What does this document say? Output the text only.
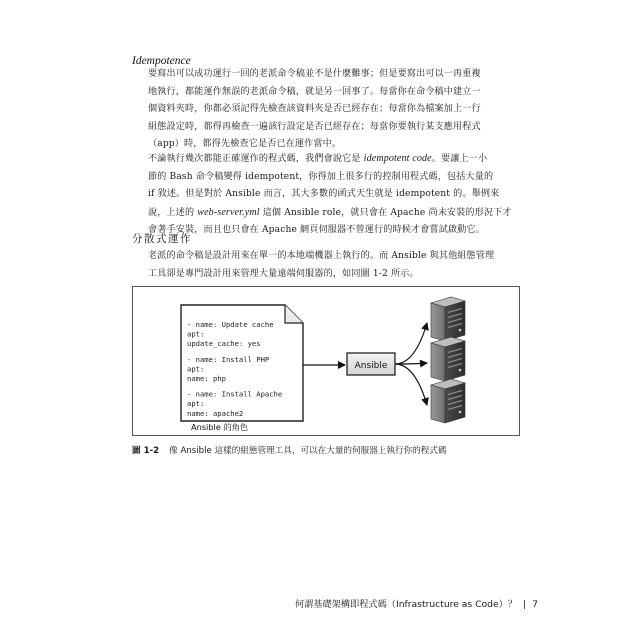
Idempotence
要寫出可以成功運行一回的老派命令稿並不是什麼難事；但是要寫出可以一再重複
地執行，都能運作無誤的老派命令稿，就是另一回事了。每當你在命令稿中建立一
個資料夾時，你都必須記得先檢查該資料夾是否已經存在；每當你為檔案加上一行
組態設定時，都得再檢查一遍該行設定是否已經存在；每當你要執行某支應用程式
（app）時，都得先檢查它是否已在運作當中。
不論執行幾次都能正確運作的程式碼，我們會說它是 idempotent code。要讓上一小
節的 Bash 命令稿變得 idempotent，你得加上很多行的控制用程式碼，包括大量的
if 敘述。但是對於 Ansible 而言，其大多數的函式天生就是 idempotent 的。舉例來
說，上述的 web-server.yml 這個 Ansible role，就只會在 Apache 尚未安裝的形況下才
會著手安裝，而且也只會在 Apache 網頁伺服器不曾運行的時候才會嘗試啟動它。
分散式運作
老派的命令稿是設計用來在單一的本地端機器上執行的。而 Ansible 與其他組態管理
工具卻是專門設計用來管理大量遠端伺服器的，如同圖 1-2 所示。
- name: Update cache
apt:
update_cache: yes
- name: Install PHP
apt:
name: php
- name: Install Apache
apt:
name: apache2
Ansible 的角色
Ansible
圖 1-2 像 Ansible 這樣的組態管理工具，可以在大量的伺服器上執行你的程式碼
何謂基礎架構即程式碼（Infrastructure as Code）？ | 7
